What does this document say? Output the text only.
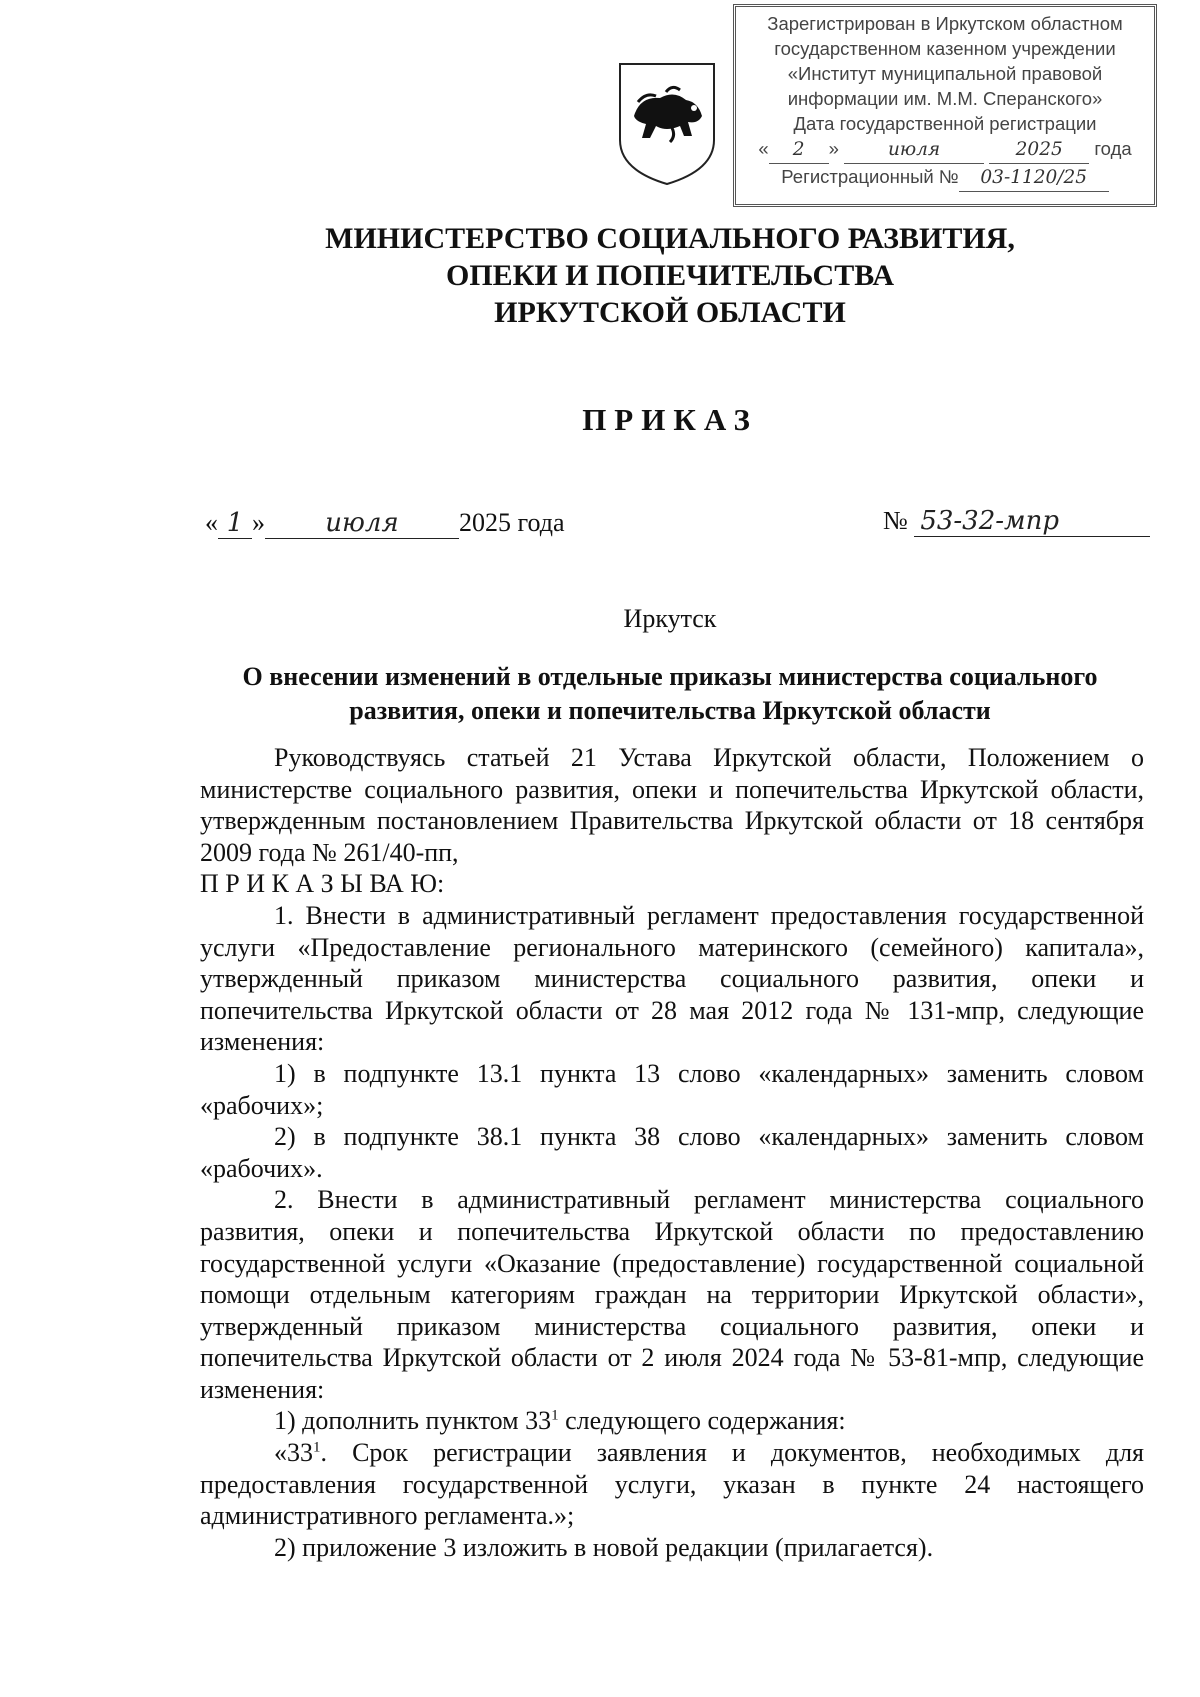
Зарегистрирован в Иркутском областном
государственном казенном учреждении
«Институт муниципальной правовой
информации им. М.М. Сперанского»
Дата государственной регистрации
« 2 » июля	2025 года
Регистрационный № 03-1120/25
МИНИСТЕРСТВО СОЦИАЛЬНОГО РАЗВИТИЯ,
ОПЕКИ И ПОПЕЧИТЕЛЬСТВА
ИРКУТСКОЙ ОБЛАСТИ
ПРИКАЗ
« 1 » июля 2025 года	№ 53-32-мпр
Иркутск
О внесении изменений в отдельные приказы министерства социального
развития, опеки и попечительства Иркутской области

Руководствуясь статьей 21 Устава Иркутской области, Положением о министерстве социального развития, опеки и попечительства Иркутской области, утвержденным постановлением Правительства Иркутской области от 18 сентября 2009 года № 261/40-пп,

П Р И К А З Ы ВА Ю:

1. Внести в административный регламент предоставления государственной услуги «Предоставление регионального материнского (семейного) капитала», утвержденный приказом министерства социального развития, опеки и попечительства Иркутской области от 28 мая 2012 года № 131-мпр, следующие изменения:

1) в подпункте 13.1 пункта 13 слово «календарных» заменить словом «рабочих»;

2) в подпункте 38.1 пункта 38 слово «календарных» заменить словом «рабочих».

2. Внести в административный регламент министерства социального развития, опеки и попечительства Иркутской области по предоставлению государственной услуги «Оказание (предоставление) государственной социальной помощи отдельным категориям граждан на территории Иркутской области», утвержденный приказом министерства социального развития, опеки и попечительства Иркутской области от 2 июля 2024 года № 53-81-мпр, следующие изменения:

1) дополнить пунктом $33^1$ следующего содержания:

«$33^1$. Срок регистрации заявления и документов, необходимых для предоставления государственной услуги, указан в пункте 24 настоящего административного регламента.»;

2) приложение 3 изложить в новой редакции (прилагается).
